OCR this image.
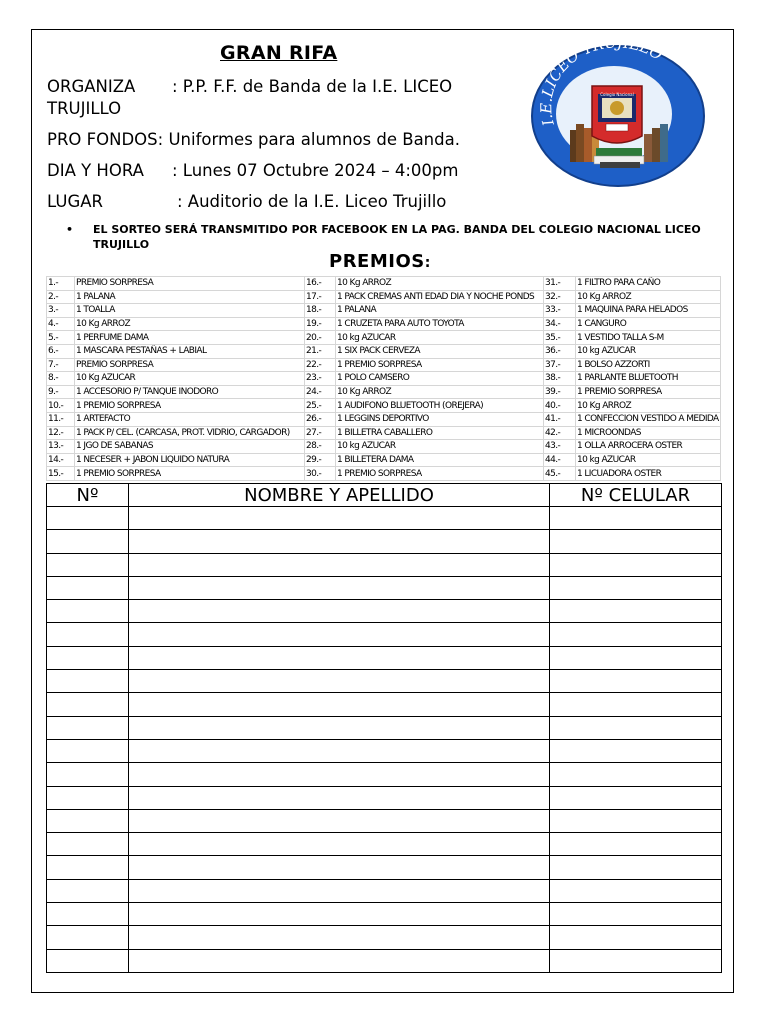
GRAN RIFA
ORGANIZA : P.P. F.F. de Banda de la I.E. LICEO
TRUJILLO
PRO FONDOS: Uniformes para alumnos de Banda.
DIA Y HORA : Lunes 07 Octubre 2024 – 4:00pm
LUGAR	: Auditorio de la I.E. Liceo Trujillo
• EL SORTEO SERÁ TRANSMITIDO POR FACEBOOK EN LA PAG. BANDA DEL COLEGIO NACIONAL LICEO TRUJILLO
I.E.LICEO TR LLO
Colegio Nacional
PREMIOS:
1.-	PREMIO SORPRESA	16.-	10 Kg ARROZ	31.-	1 FILTRO PARA CAÑO
2.-	1 PALANA	17.-	1 PACK CREMAS ANTI EDAD DIA Y NOCHE PONDS	32.-	10 Kg ARROZ
3.-	1 TOALLA	18.-	1 PALANA	33.-	1 MAQUINA PARA HELADOS
4.-	10 Kg ARROZ	19.-	1 CRUZETA PARA AUTO TOYOTA	34.-	1 CANGURO
5.-	1 PERFUME DAMA	20.-	10 kg AZUCAR	35.-	1 VESTIDO TALLA S-M
6.-	1 MASCARA PESTAÑAS + LABIAL	21.-	1 SIX PACK CERVEZA	36.-	10 kg AZUCAR
7.-	PREMIO SORPRESA	22.-	1 PREMIO SORPRESA	37.-	1 BOLSO AZZORTI
8.-	10 Kg AZUCAR	23.-	1 POLO CAMSERO	38.-	1 PARLANTE BLUETOOTH
9.-	1 ACCESORIO P/ TANQUE INODORO	24.-	10 Kg ARROZ	39.-	1 PREMIO SORPRESA
10.-	1 PREMIO SORPRESA	25.-	1 AUDIFONO BLUETOOTH (OREJERA)	40.-	10 Kg ARROZ
11.-	1 ARTEFACTO	26.-	1 LEGGINS DEPORTIVO	41.-	1 CONFECCION VESTIDO A MEDIDA
12.-	1 PACK P/ CEL. (CARCASA, PROT. VIDRIO, CARGADOR)	27.-	1 BILLETRA CABALLERO	42.-	1 MICROONDAS
13.-	1 JGO DE SABANAS	28.-	10 kg AZUCAR	43.-	1 OLLA ARROCERA OSTER
14.-	1 NECESER + JABON LIQUIDO NATURA	29.-	1 BILLETERA DAMA	44.-	10 kg AZUCAR
15.-	1 PREMIO SORPRESA	30.-	1 PREMIO SORPRESA	45.-	1 LICUADORA OSTER
Nº	NOMBRE Y APELLIDO	Nº CELULAR
